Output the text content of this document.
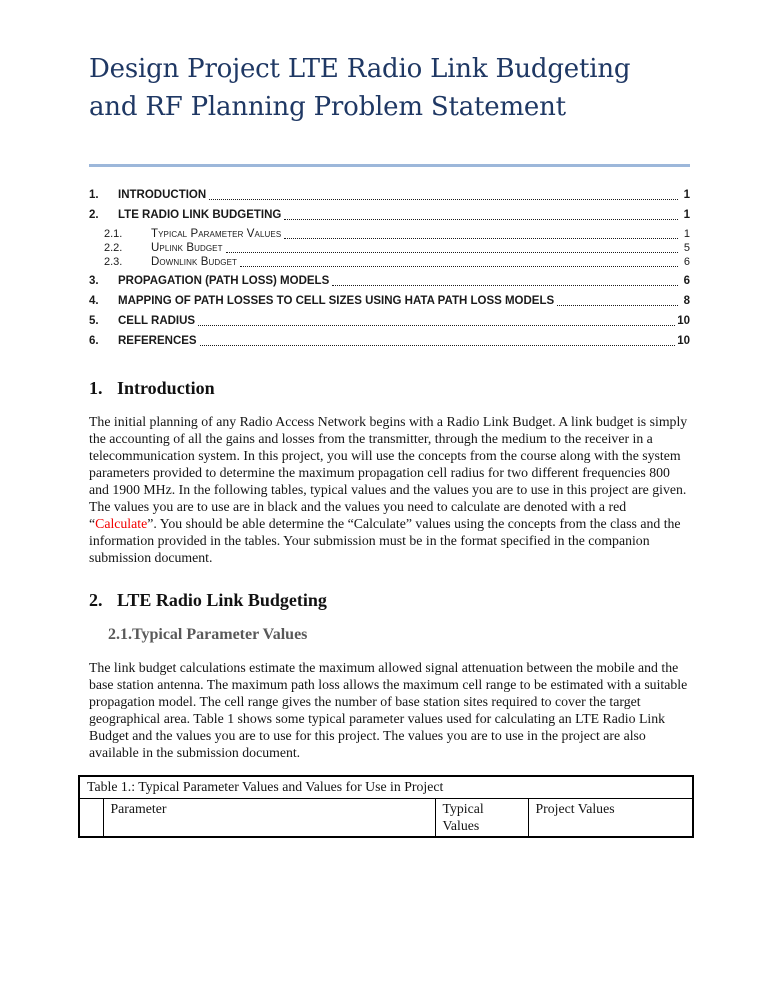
Design Project LTE Radio Link Budgeting
and RF Planning Problem Statement
1.	INTRODUCTION	1
2.	LTE RADIO LINK BUDGETING	1
2.1.	Typical Parameter Values	1
2.2.	Uplink Budget	5
2.3.	Downlink Budget	6
3.	PROPAGATION (PATH LOSS) MODELS	6
4.	MAPPING OF PATH LOSSES TO CELL SIZES USING HATA PATH LOSS MODELS	8
5.	CELL RADIUS	10
6.	REFERENCES	10
1. Introduction

The initial planning of any Radio Access Network begins with a Radio Link Budget. A link budget is simply the accounting of all the gains and losses from the transmitter, through the medium to the receiver in a telecommunication system. In this project, you will use the concepts from the course along with the system parameters provided to determine the maximum propagation cell radius for two different frequencies 800 and 1900 MHz. In the following tables, typical values and the values you are to use in this project are given. The values you are to use are in black and the values you need to calculate are denoted with a red “Calculate”. You should be able determine the “Calculate” values using the concepts from the class and the information provided in the tables. Your submission must be in the format specified in the companion submission document.

2. LTE Radio Link Budgeting
2.1.Typical Parameter Values

The link budget calculations estimate the maximum allowed signal attenuation between the mobile and the base station antenna. The maximum path loss allows the maximum cell range to be estimated with a suitable propagation model. The cell range gives the number of base station sites required to cover the target geographical area. Table 1 shows some typical parameter values used for calculating an LTE Radio Link Budget and the values you are to use for this project. The values you are to use in the project are also available in the submission document.

Table 1.: Typical Parameter Values and Values for Use in Project
	Parameter	Typical Values	Project Values
